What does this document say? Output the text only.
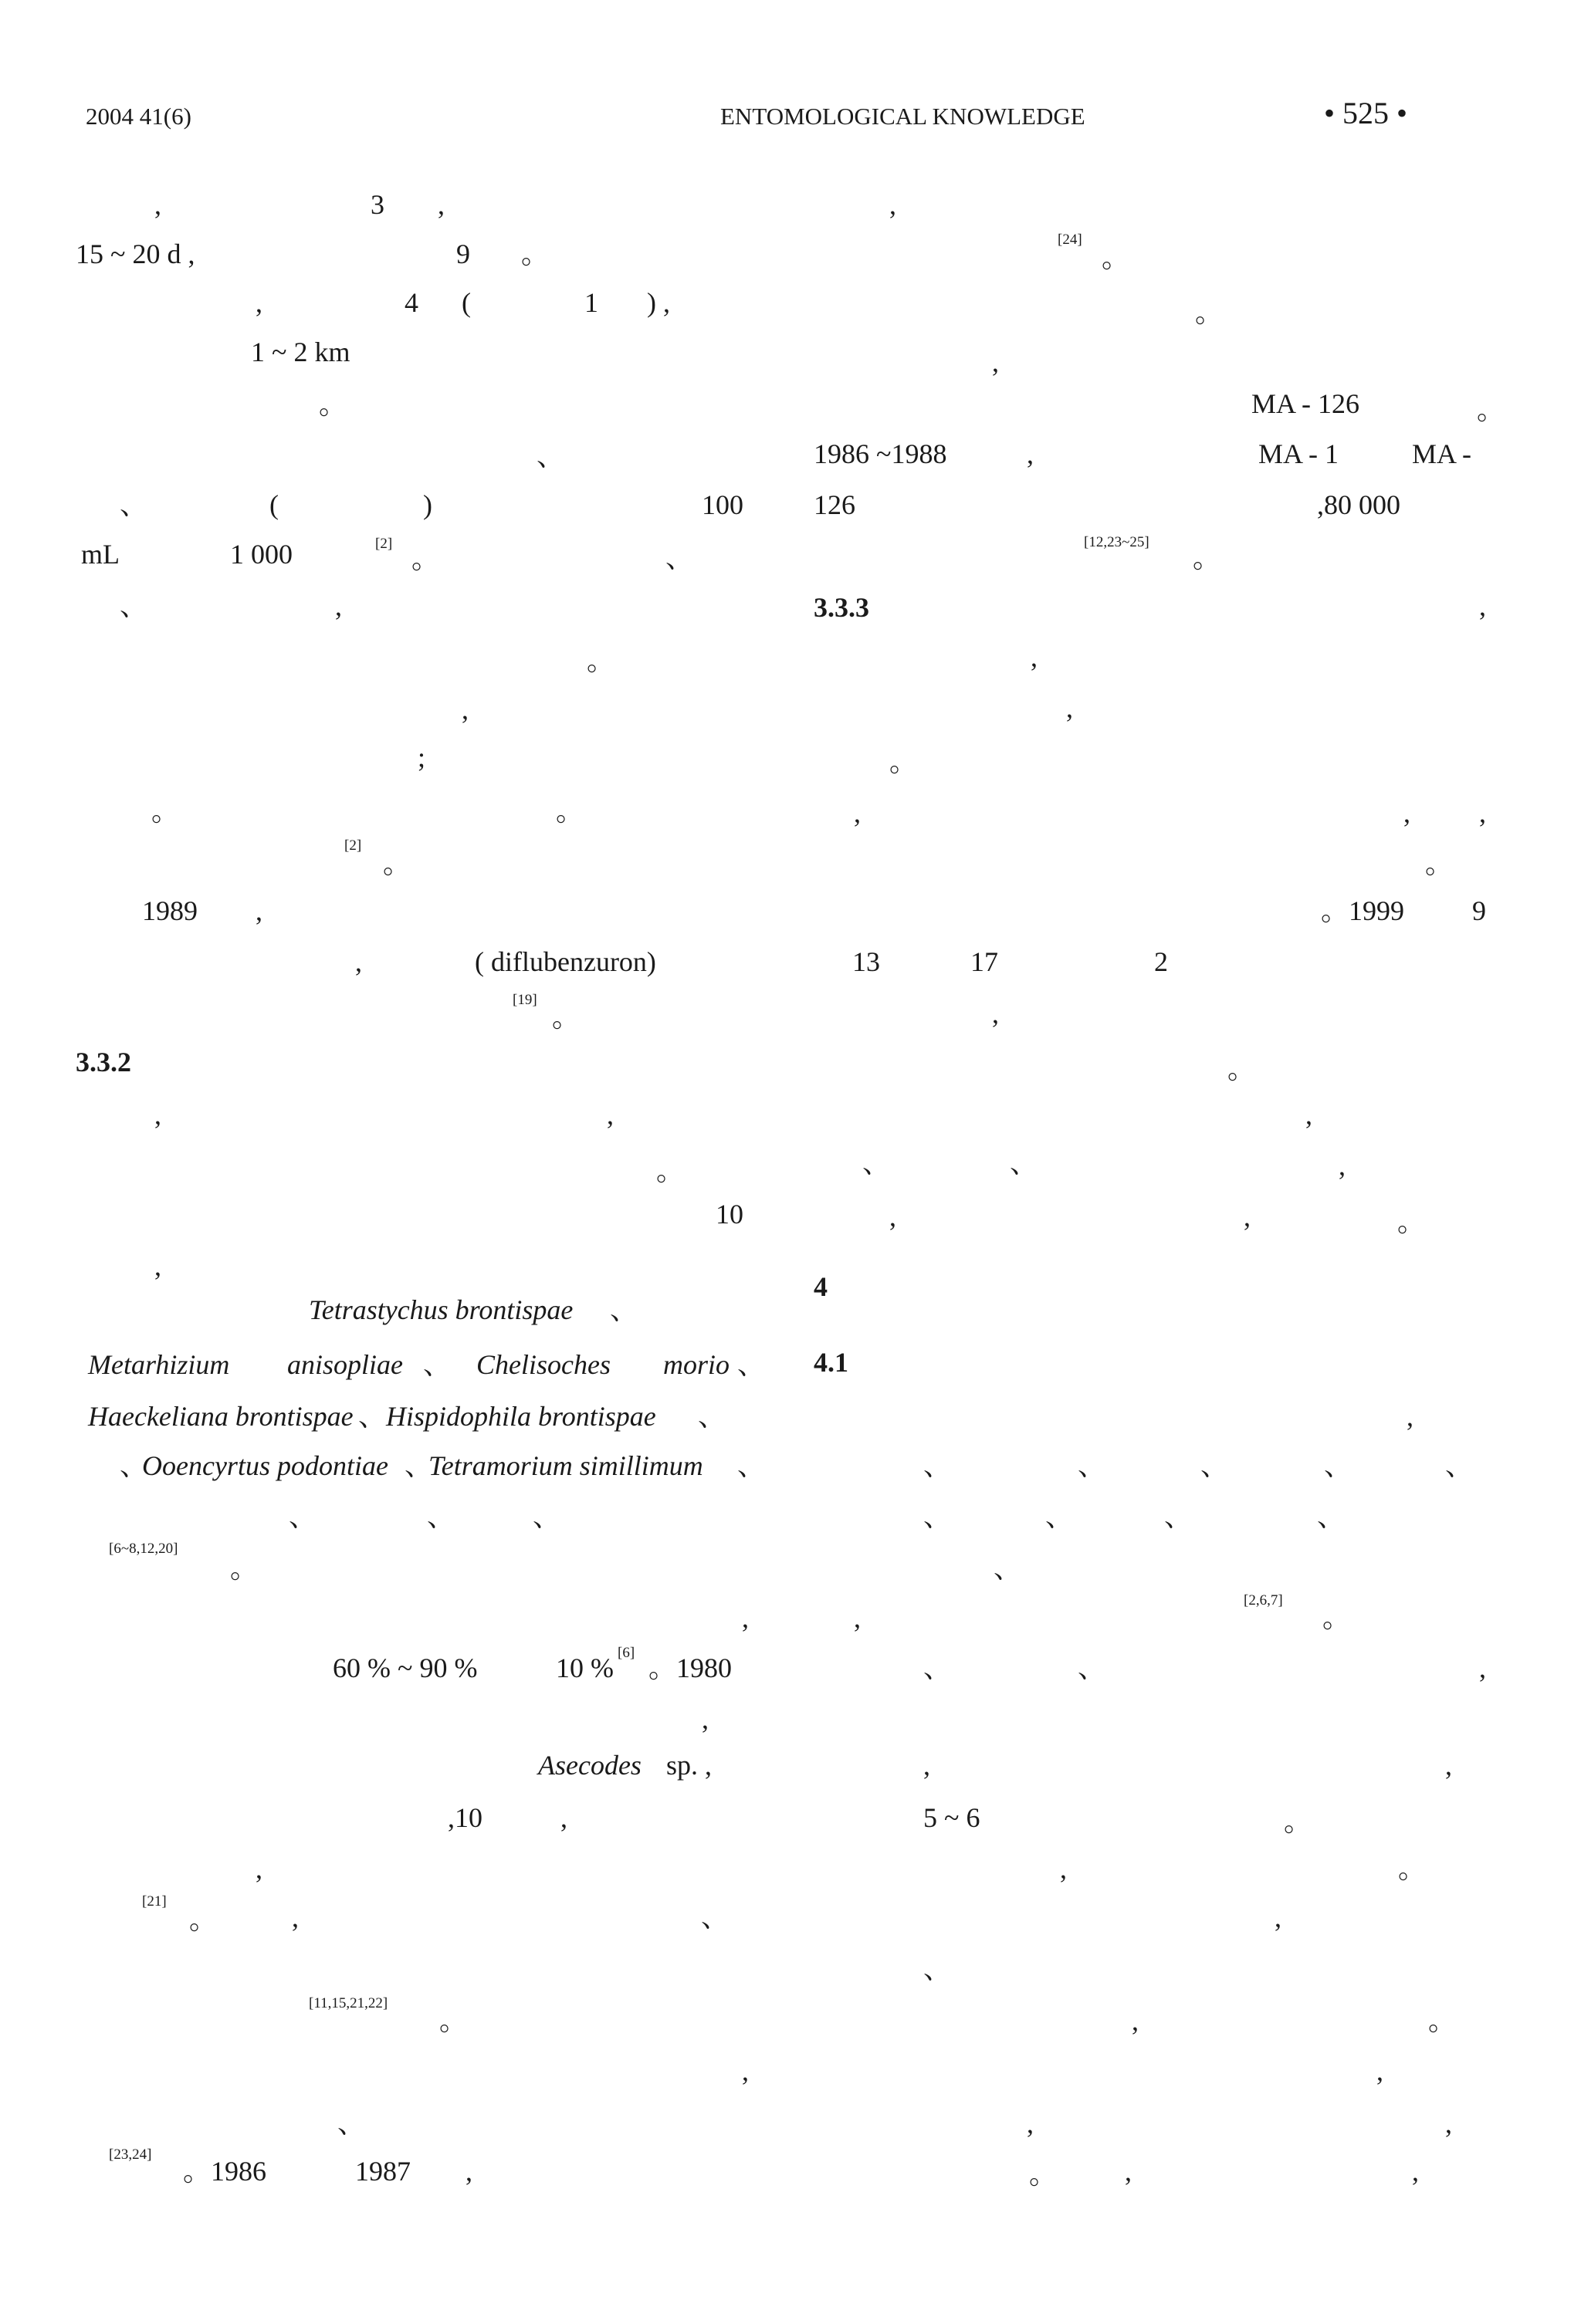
2004 41(6)	ENTOMOLOGICAL KNOWLEDGE	• 525 •
,	3 ,
15 ~ 20 d ,	9 。
,	4 (	1 ) ,
1 ~ 2 km
。
、
、	(	)	100
mL	1 000	[2] 。	、
、	,
。
,
;
。	。
[2]
。
1989 ,
,	( diflubenzuron)
[19]
。
3.3.2
,	,
。
10
,
Tetrastychus brontispae 、
Metarhizium anisopliae 、 Chelisoches morio 、
Haeckeliana brontispae 、 Hispidophila brontispae 、
、
Ooencyrtus podontiae 、
Tetramorium simillimum 、
、	、	、
[6~8,12,20]
。
,
60 % ~ 90 %	10 % [6] 。1980
,
Asecodes sp. ,
,10	,
,
[21]
。	,	、
[11,15,21,22]
。
,
、
[23,24]
。1986	1987 ,
,
[24]
。
。
,
MA - 126	。
1986 ~1988	,	MA - 1	MA -
126	,80 000
[12,23~25]
。
3.3.3	,
,
,
。
,	, ,
。
。1999 9
13	17	2
,
。
,
、	、	,
,	,	。
4
4.1
,
、	、	、	、	、
、	、	、	、
、
,
[2,6,7]
。
、	、	,
,	,
5 ~ 6	。
,	。
,
、
,	。
,
,	,
。 ,	,
